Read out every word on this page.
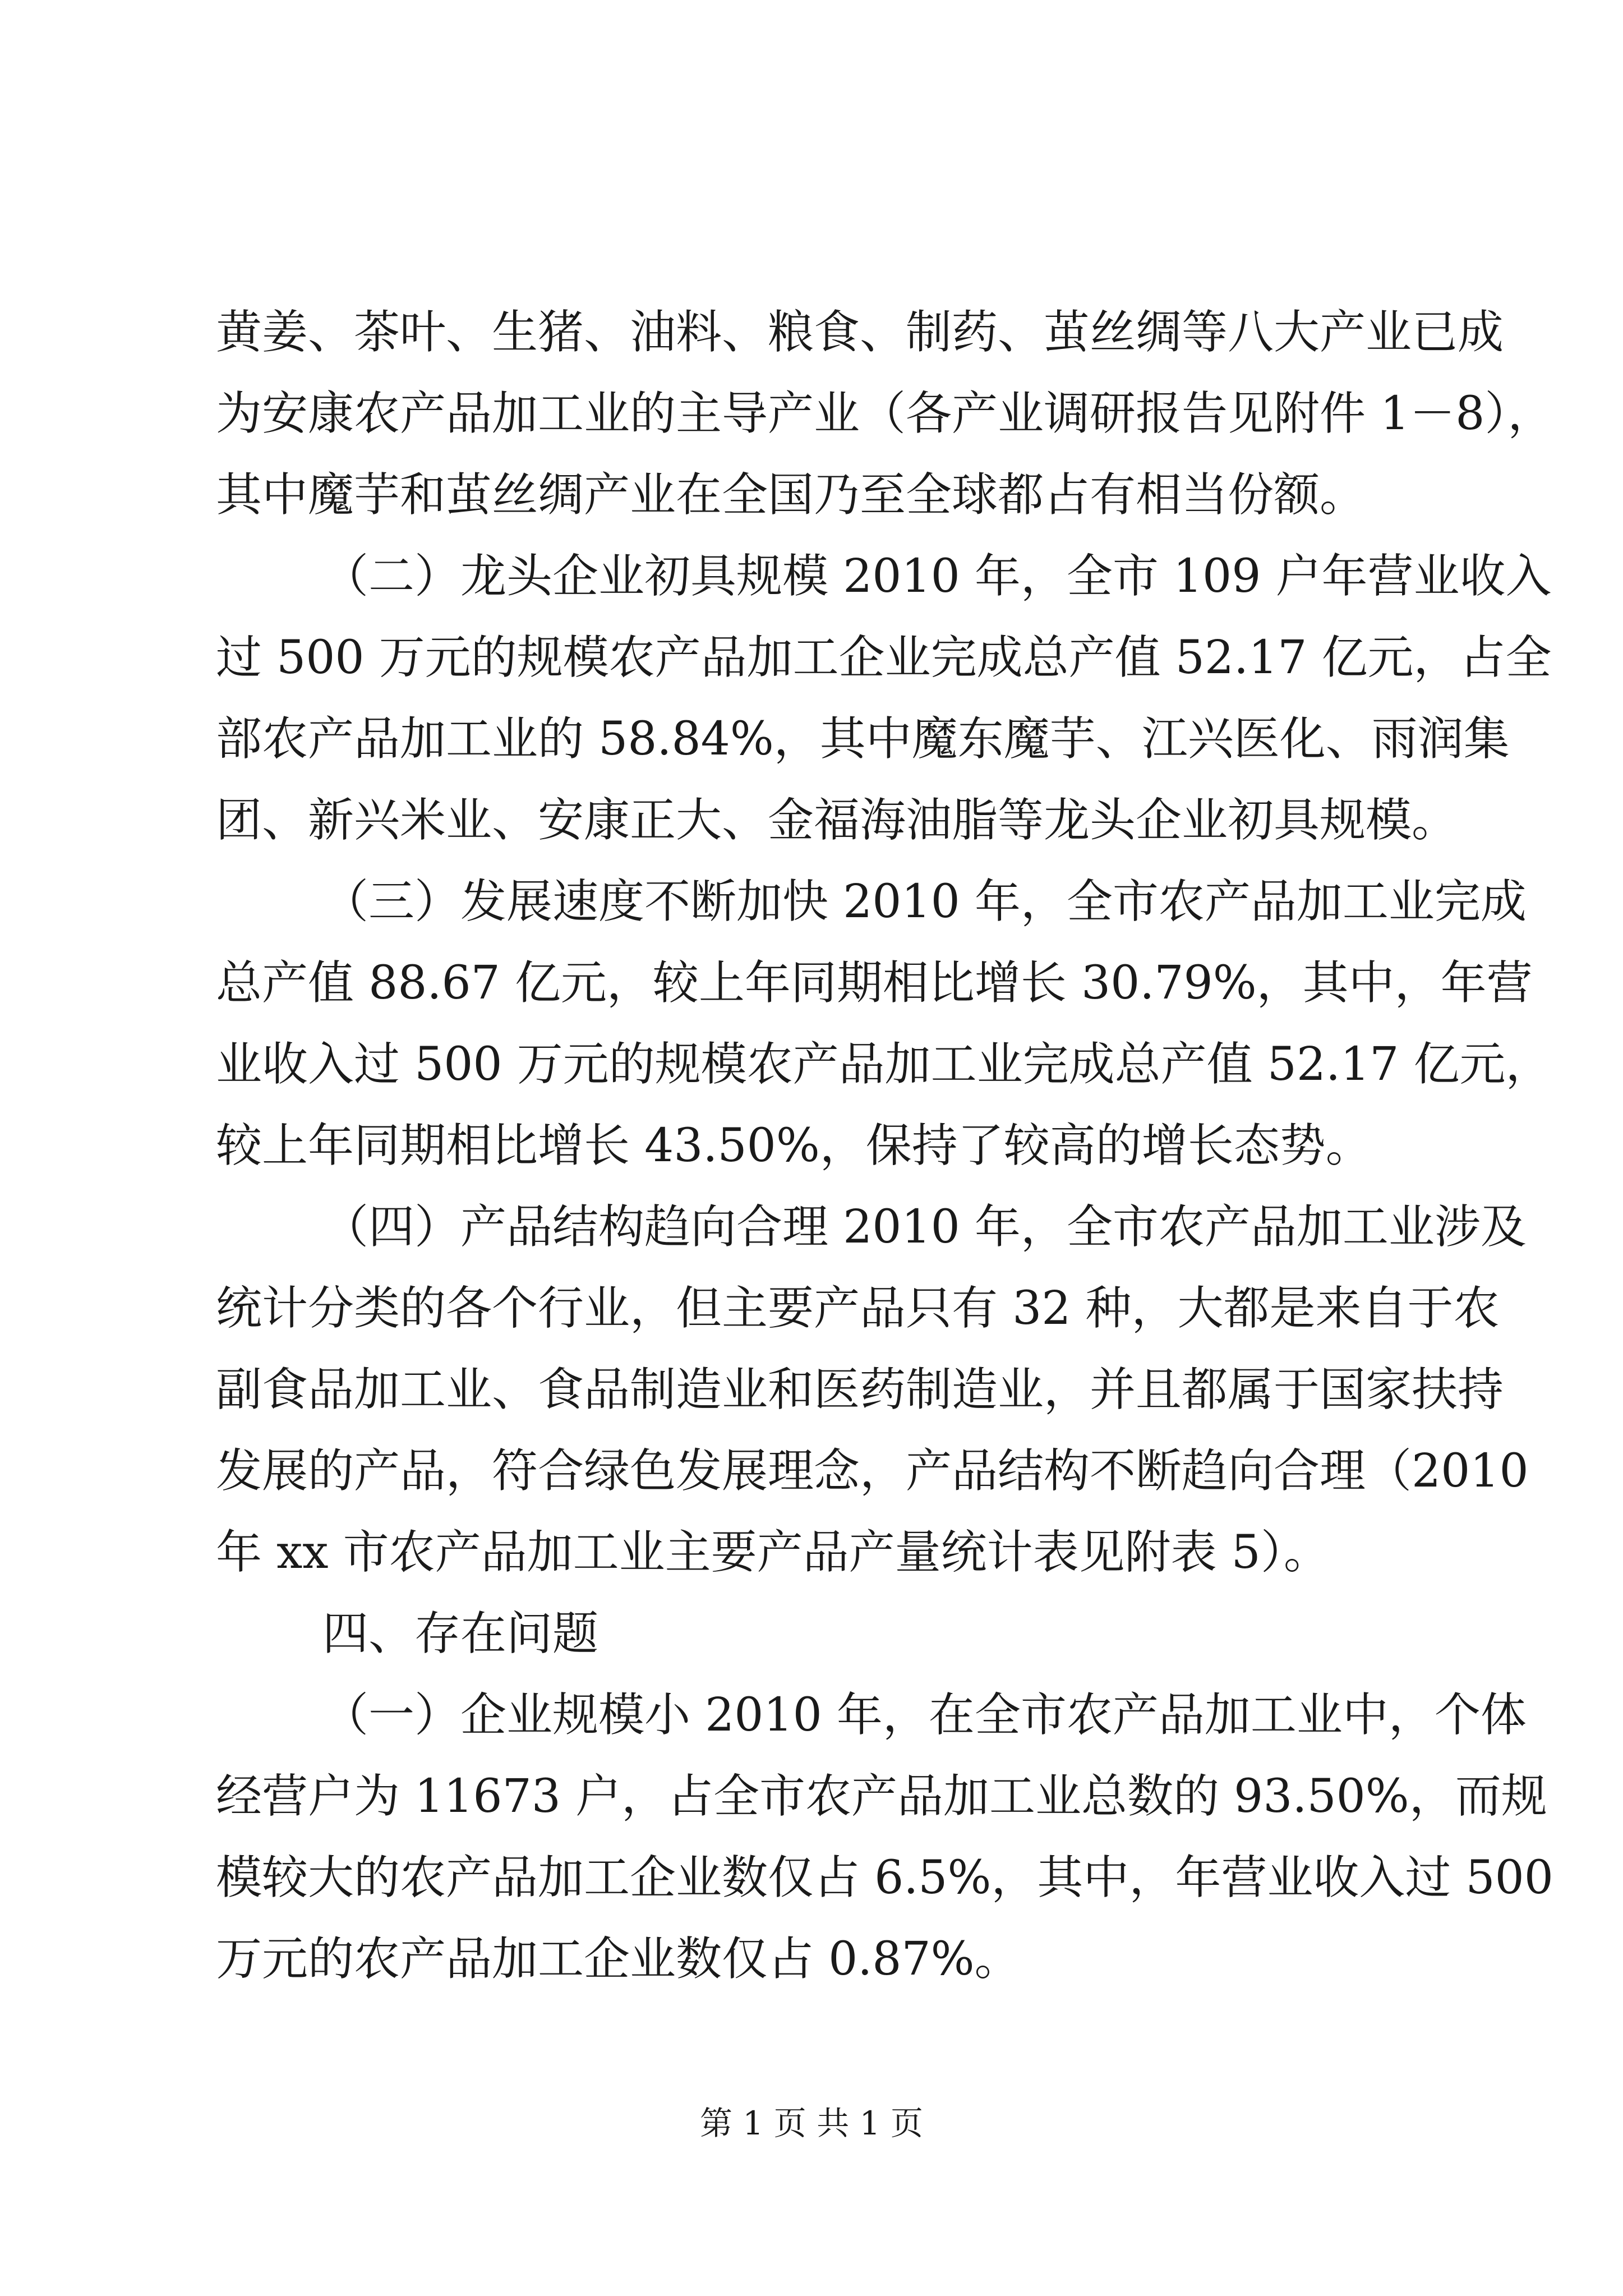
黄姜、茶叶、生猪、油料、粮食、制药、茧丝绸等八大产业已成
为安康农产品加工业的主导产业（各产业调研报告见附件 1－8），
其中魔芋和茧丝绸产业在全国乃至全球都占有相当份额。
（二）龙头企业初具规模 2010 年，全市 109 户年营业收入
过 500 万元的规模农产品加工企业完成总产值 52.17 亿元，占全
部农产品加工业的 58.84%，其中魔东魔芋、江兴医化、雨润集
团、新兴米业、安康正大、金福海油脂等龙头企业初具规模。
（三）发展速度不断加快 2010 年，全市农产品加工业完成
总产值 88.67 亿元，较上年同期相比增长 30.79%，其中，年营
业收入过 500 万元的规模农产品加工业完成总产值 52.17 亿元，
较上年同期相比增长 43.50%，保持了较高的增长态势。
（四）产品结构趋向合理 2010 年，全市农产品加工业涉及
统计分类的各个行业，但主要产品只有 32 种，大都是来自于农
副食品加工业、食品制造业和医药制造业，并且都属于国家扶持
发展的产品，符合绿色发展理念，产品结构不断趋向合理（2010
年 xx 市农产品加工业主要产品产量统计表见附表 5）。
四、存在问题
（一）企业规模小 2010 年，在全市农产品加工业中，个体
经营户为 11673 户，占全市农产品加工业总数的 93.50%，而规
模较大的农产品加工企业数仅占 6.5%，其中，年营业收入过 500
万元的农产品加工企业数仅占 0.87%。
第 1 页 共 1 页
